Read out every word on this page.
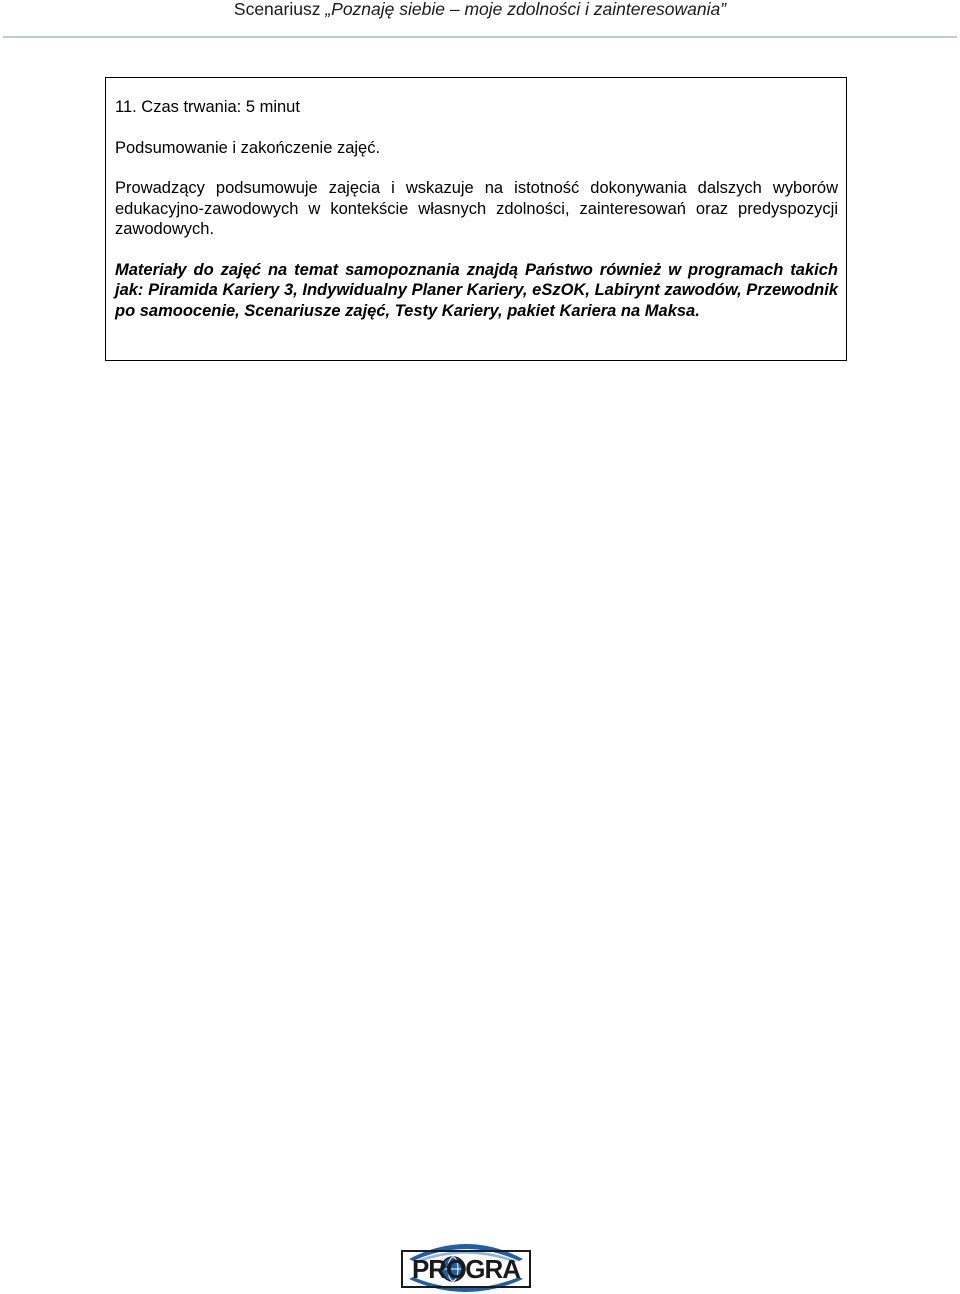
Scenariusz „Poznaję siebie – moje zdolności i zainteresowania”

11. Czas trwania: 5 minut

Podsumowanie i zakończenie zajęć.

Prowadzący podsumowuje zajęcia i wskazuje na istotność dokonywania dalszych wyborów edukacyjno-zawodowych w kontekście własnych zdolności, zainteresowań oraz predyspozycji zawodowych.

Materiały do zajęć na temat samopoznania znajdą Państwo również w programach takich jak: Piramida Kariery 3, Indywidualny Planer Kariery, eSzOK, Labirynt zawodów, Przewodnik po samoocenie, Scenariusze zajęć, Testy Kariery, pakiet Kariera na Maksa.

PROGRA
